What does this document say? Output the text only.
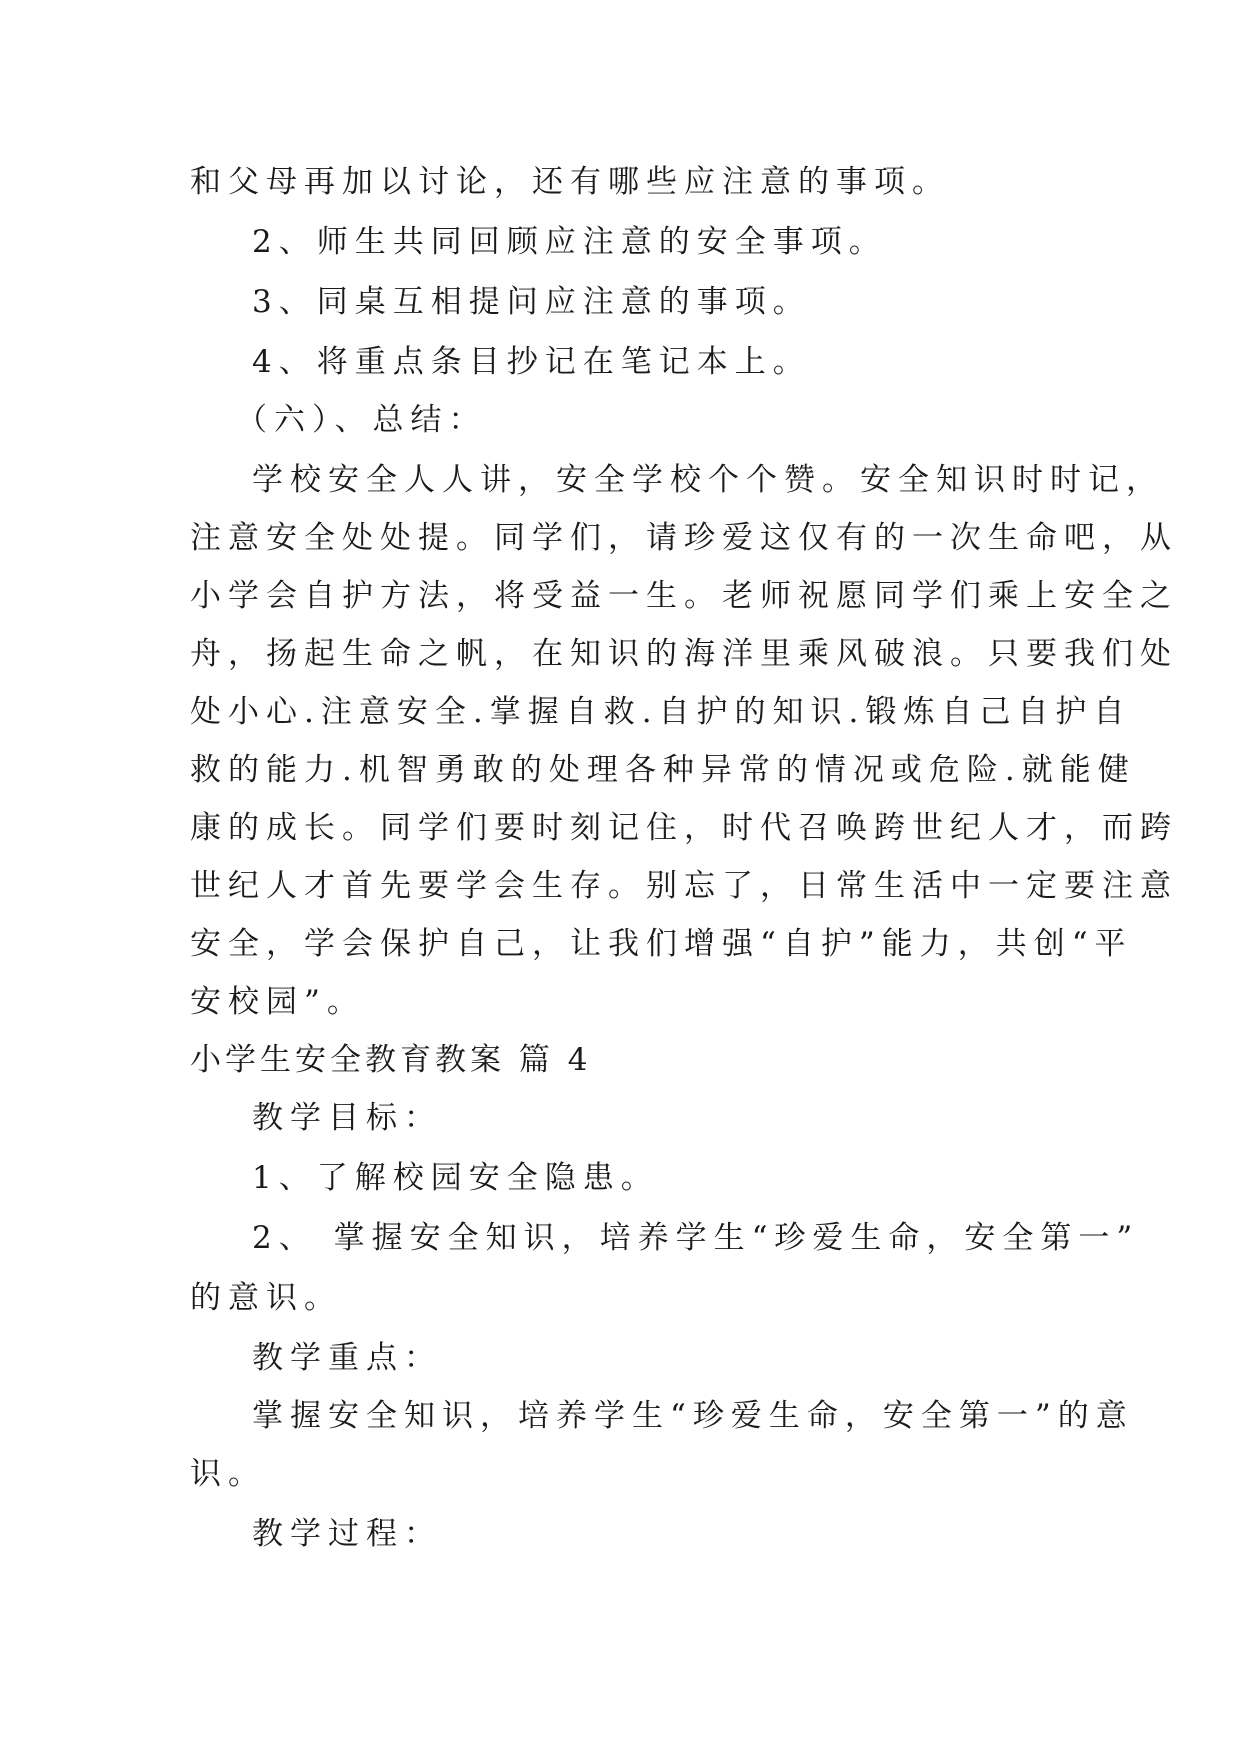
和父母再加以讨论，还有哪些应注意的事项。
2、师生共同回顾应注意的安全事项。
3、同桌互相提问应注意的事项。
4、将重点条目抄记在笔记本上。
（六）、总结：
学校安全人人讲，安全学校个个赞。安全知识时时记，
注意安全处处提。同学们，请珍爱这仅有的一次生命吧，从
小学会自护方法，将受益一生。老师祝愿同学们乘上安全之
舟，扬起生命之帆，在知识的海洋里乘风破浪。只要我们处
处小心.注意安全.掌握自救.自护的知识.锻炼自己自护自
救的能力.机智勇敢的处理各种异常的情况或危险.就能健
康的成长。同学们要时刻记住，时代召唤跨世纪人才，而跨
世纪人才首先要学会生存。别忘了，日常生活中一定要注意
安全，学会保护自己，让我们增强“自护”能力，共创“平
安校园”。
小学生安全教育教案 篇 4
教学目标：
1、了解校园安全隐患。
2、 掌握安全知识，培养学生“珍爱生命，安全第一”
的意识。
教学重点：
掌握安全知识，培养学生“珍爱生命，安全第一”的意
识。
教学过程：
